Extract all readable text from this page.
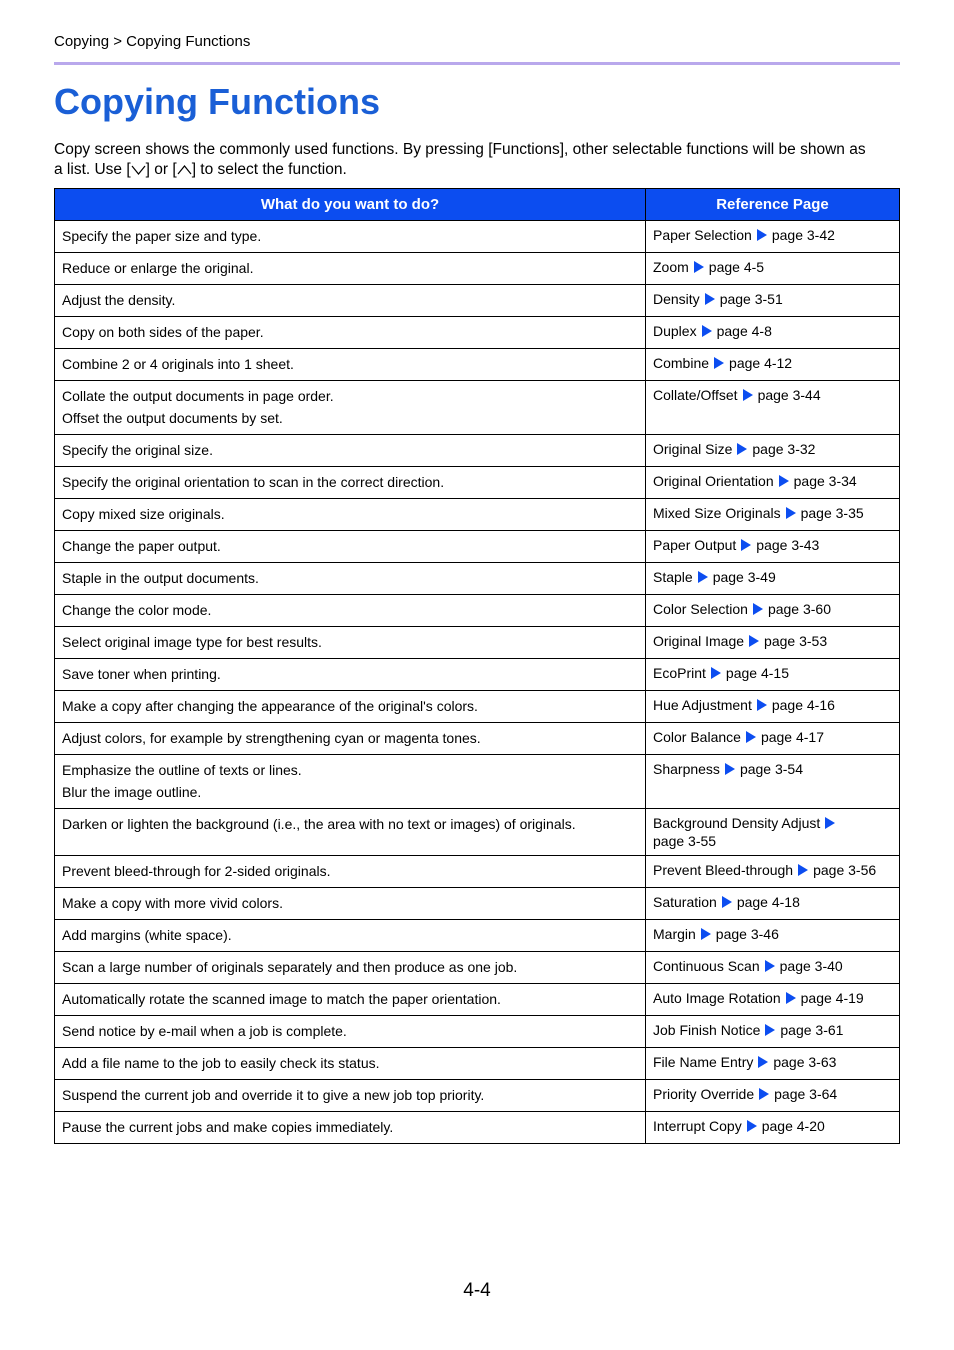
Copying > Copying Functions
Copying Functions

Copy screen shows the commonly used functions. By pressing [Functions], other selectable functions will be shown as
a list. Use [ ] or [ ] to select the function.

What do you want to do?	Reference Page

Specify the paper size and type.	Paper Selection page 3-42

Reduce or enlarge the original.	Zoom page 4-5

Adjust the density.	Density page 3-51

Copy on both sides of the paper.	Duplex page 4-8

Combine 2 or 4 originals into 1 sheet.	Combine page 4-12

Collate the output documents in page order.
Offset the output documents by set.	Collate/Offset page 3-44

Specify the original size.	Original Size page 3-32

Specify the original orientation to scan in the correct direction.	Original Orientation page 3-34

Copy mixed size originals.	Mixed Size Originals page 3-35

Change the paper output.	Paper Output page 3-43

Staple in the output documents.	Staple page 3-49

Change the color mode.	Color Selection page 3-60

Select original image type for best results.	Original Image page 3-53

Save toner when printing.	EcoPrint page 4-15

Make a copy after changing the appearance of the original's colors.	Hue Adjustment page 4-16

Adjust colors, for example by strengthening cyan or magenta tones.	Color Balance page 4-17

Emphasize the outline of texts or lines.
Blur the image outline.	Sharpness page 3-54

Darken or lighten the background (i.e., the area with no text or images) of originals.	Background Density Adjust
page 3-55

Prevent bleed-through for 2-sided originals.	Prevent Bleed-through page 3-56

Make a copy with more vivid colors.	Saturation page 4-18

Add margins (white space).	Margin page 3-46

Scan a large number of originals separately and then produce as one job.	Continuous Scan page 3-40

Automatically rotate the scanned image to match the paper orientation.	Auto Image Rotation page 4-19

Send notice by e-mail when a job is complete.	Job Finish Notice page 3-61

Add a file name to the job to easily check its status.	File Name Entry page 3-63

Suspend the current job and override it to give a new job top priority.	Priority Override page 3-64

Pause the current jobs and make copies immediately.	Interrupt Copy page 4-20
4-4
